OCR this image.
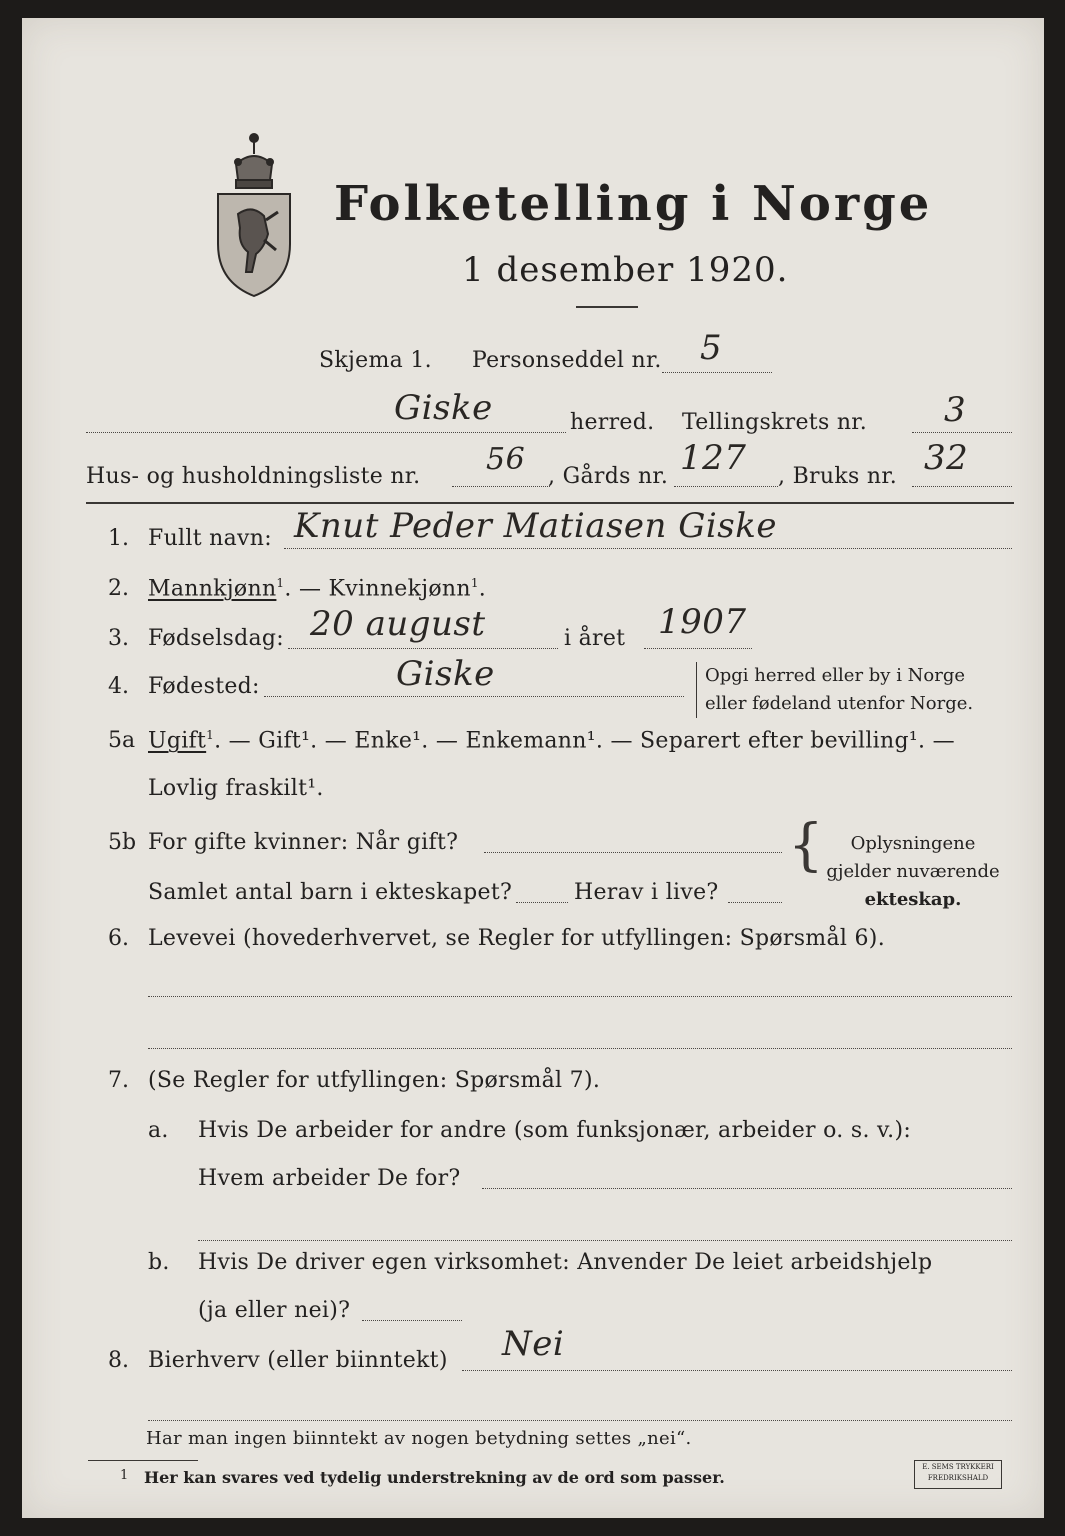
Folketelling i Norge
1 desember 1920.
Skjema 1. Personseddel nr. 5
Giske	herred. Tellingskrets nr. 3
Hus- og husholdningsliste nr. 56 , Gårds nr. 127 , Bruks nr. 32
1. Fullt navn: Knut Peder Matiasen Giske
2. Mannkjønn$^1$. — Kvinnekjønn$^1$.
3. Fødselsdag: 20 august	i året 1907
4. Fødested:	Giske	Opgi herred eller by i Norge
eller fødeland utenfor Norge.
5a Ugift$^1$. — Gift¹. — Enke¹. — Enkemann¹. — Separert efter bevilling¹. —
Lovlig fraskilt¹.
5b For gifte kvinner: Når gift?
Samlet antal barn i ekteskapet?	Herav i live?
{	Oplysningene
gjelder nuværende
ekteskap.
6. Levevei (hovederhvervet, se Regler for utfyllingen: Spørsmål 6).
7. (Se Regler for utfyllingen: Spørsmål 7).
a. Hvis De arbeider for andre (som funksjonær, arbeider o. s. v.):
Hvem arbeider De for?
b. Hvis De driver egen virksomhet: Anvender De leiet arbeidshjelp
(ja eller nei)?
8. Bierhverv (eller biinntekt) Nei
Har man ingen biinntekt av nogen betydning settes „nei“.
1 Her kan svares ved tydelig understrekning av de ord som passer.
E. SEMS TRYKKERI FREDRIKSHALD
